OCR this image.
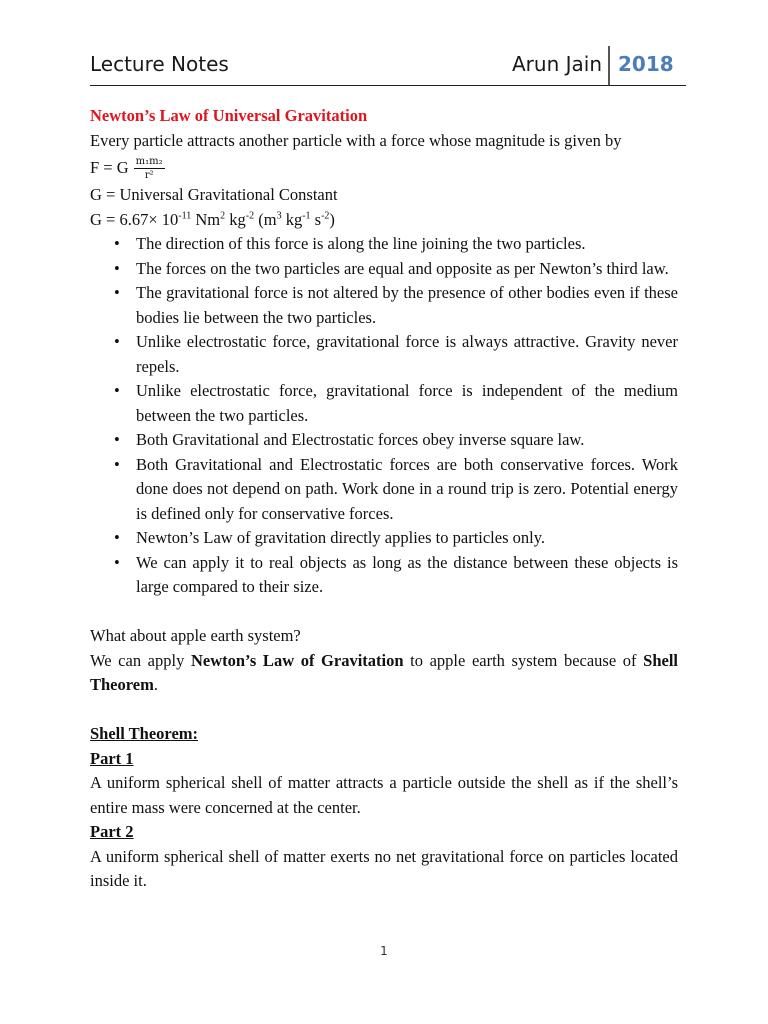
Lecture Notes	Arun Jain 2018

Newton’s Law of Universal Gravitation

Every particle attracts another particle with a force whose magnitude is given by

F = G $\frac{\text{m₁m₂}}{\text{r²}}$

G = Universal Gravitational Constant

$G = 6.67\times 10^{-11}$ Nm$^2$ $kg^{-2}$ ($m^3$ $kg^{-1}$ $s^{-2}$)

• The direction of this force is along the line joining the two particles.
• The forces on the two particles are equal and opposite as per Newton’s third law.
• The gravitational force is not altered by the presence of other bodies even if these bodies lie between the two particles.
• Unlike electrostatic force, gravitational force is always attractive. Gravity never repels.
• Unlike electrostatic force, gravitational force is independent of the medium between the two particles.
• Both Gravitational and Electrostatic forces obey inverse square law.
• Both Gravitational and Electrostatic forces are both conservative forces. Work done does not depend on path. Work done in a round trip is zero. Potential energy is defined only for conservative forces.
• Newton’s Law of gravitation directly applies to particles only.
• We can apply it to real objects as long as the distance between these objects is large compared to their size.

What about apple earth system?

We can apply Newton’s Law of Gravitation to apple earth system because of Shell Theorem.

Shell Theorem:

Part 1

A uniform spherical shell of matter attracts a particle outside the shell as if the shell’s entire mass were concerned at the center.

Part 2

A uniform spherical shell of matter exerts no net gravitational force on particles located inside it.

1
